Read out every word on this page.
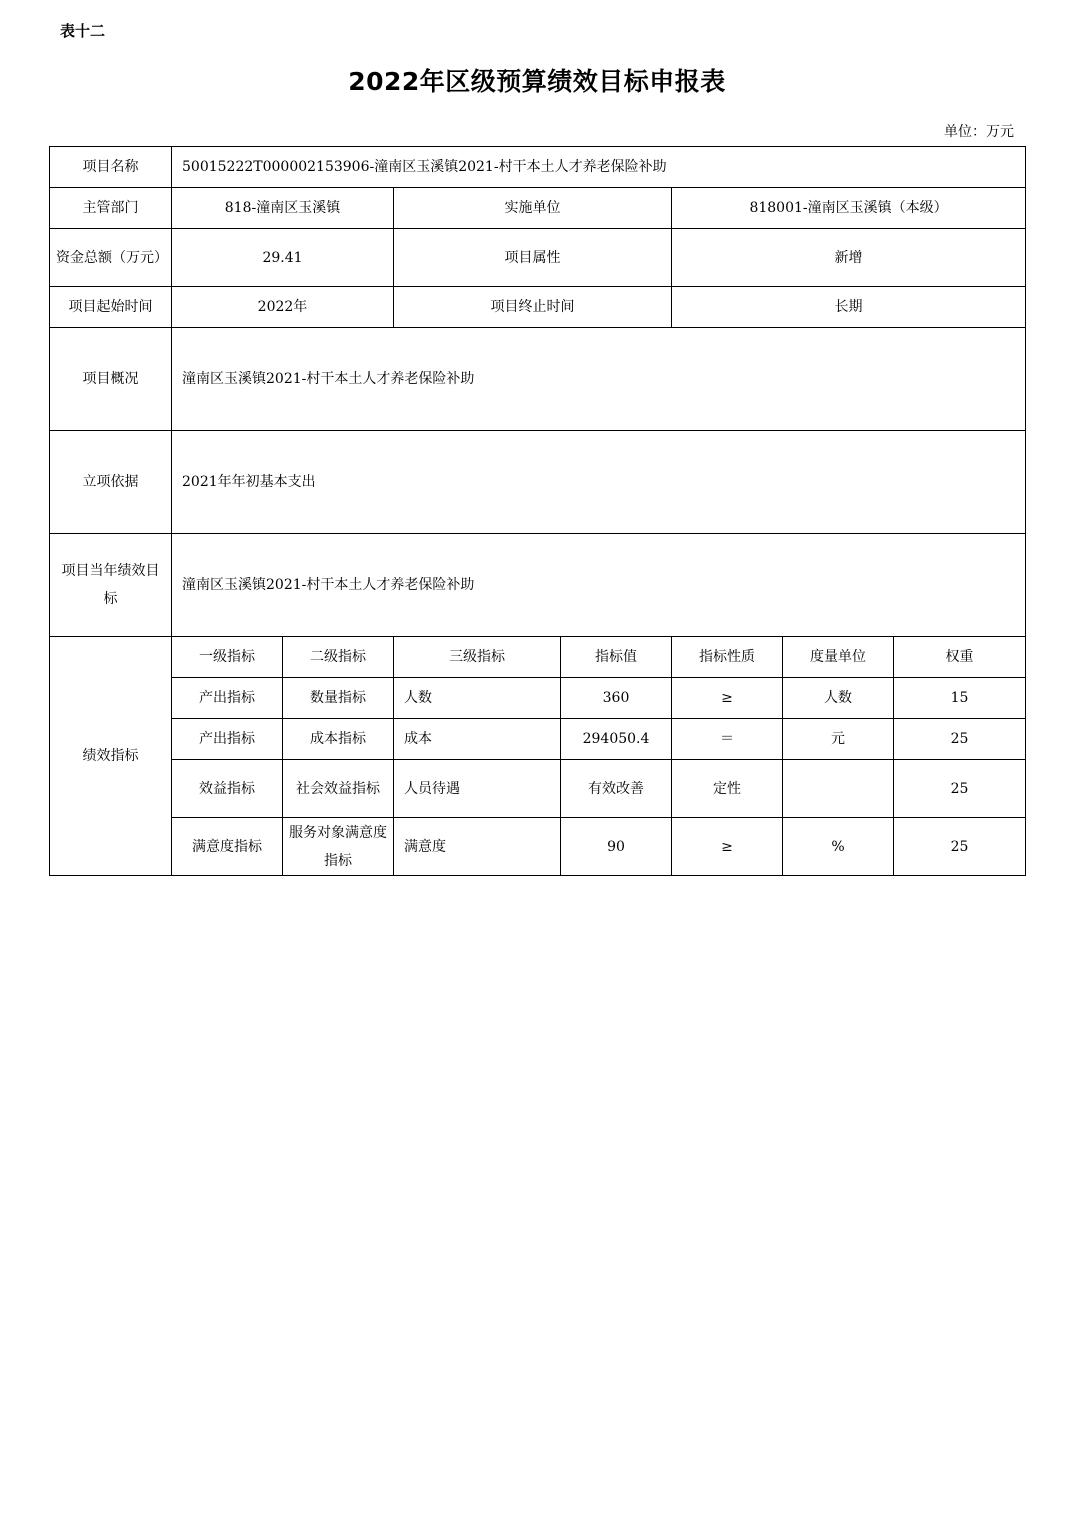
表十二
2022年区级预算绩效目标申报表
单位：万元
项目名称	50015222T000002153906-潼南区玉溪镇2021-村干本土人才养老保险补助						
主管部门	818-潼南区玉溪镇		实施单位		818001-潼南区玉溪镇（本级）		
资金总额（万元）	29.41		项目属性		新增		
项目起始时间	2022年		项目终止时间		长期		
项目概况	潼南区玉溪镇2021-村干本土人才养老保险补助						
立项依据	2021年年初基本支出						
项目当年绩效目标	潼南区玉溪镇2021-村干本土人才养老保险补助						
绩效指标	一级指标	二级指标	三级指标	指标值	指标性质	度量单位	权重
	产出指标	数量指标	人数	360	≥	人数	15
	产出指标	成本指标	成本	294050.4	＝	元	25
	效益指标	社会效益指标	人员待遇	有效改善	定性		25
	满意度指标	服务对象满意度指标	满意度	90	≥	%	25
